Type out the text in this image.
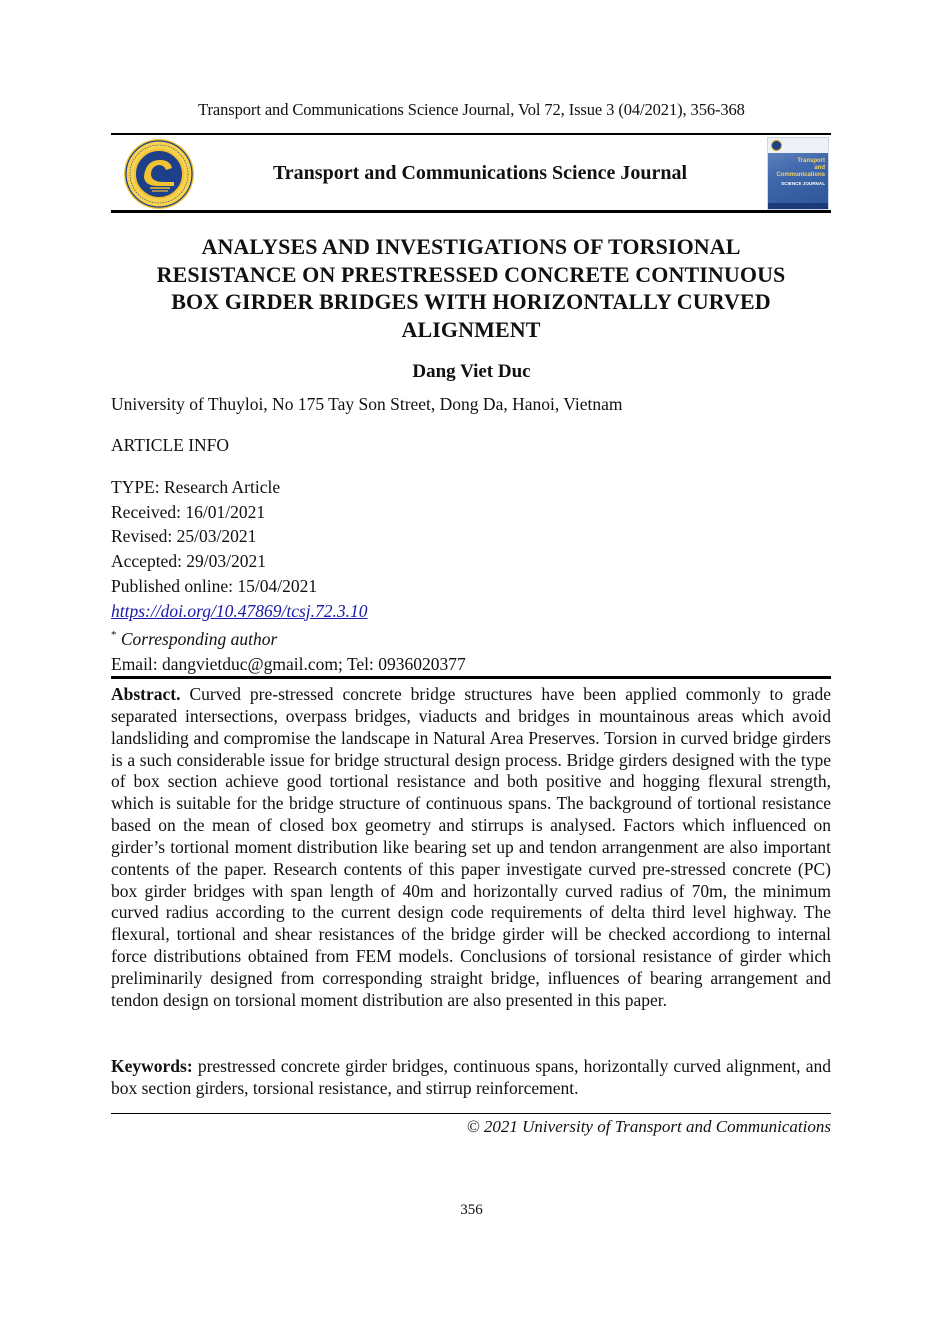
Transport and Communications Science Journal, Vol 72, Issue 3 (04/2021), 356-368
Transport and Communications Science Journal
Transport
and
Communications
SCIENCE JOURNAL
ANALYSES AND INVESTIGATIONS OF TORSIONAL
RESISTANCE ON PRESTRESSED CONCRETE CONTINUOUS
BOX GIRDER BRIDGES WITH HORIZONTALLY CURVED
ALIGNMENT
Dang Viet Duc
University of Thuyloi, No 175 Tay Son Street, Dong Da, Hanoi, Vietnam
ARTICLE INFO
TYPE: Research Article
Received: 16/01/2021
Revised: 25/03/2021
Accepted: 29/03/2021
Published online: 15/04/2021
https://doi.org/10.47869/tcsj.72.3.10
* Corresponding author
Email: dangvietduc@gmail.com; Tel: 0936020377
Abstract. Curved pre-stressed concrete bridge structures have been applied commonly to grade separated intersections, overpass bridges, viaducts and bridges in mountainous areas which avoid landsliding and compromise the landscape in Natural Area Preserves. Torsion in curved bridge girders is a such considerable issue for bridge structural design process. Bridge girders designed with the type of box section achieve good tortional resistance and both positive and hogging flexural strength, which is suitable for the bridge structure of continuous spans. The background of tortional resistance based on the mean of closed box geometry and stirrups is analysed. Factors which influenced on girder’s tortional moment distribution like bearing set up and tendon arrangenment are also important contents of the paper. Research contents of this paper investigate curved pre-stressed concrete (PC) box girder bridges with span length of 40m and horizontally curved radius of 70m, the minimum curved radius according to the current design code requirements of delta third level highway. The flexural, tortional and shear resistances of the bridge girder will be checked accordiong to internal force distributions obtained from FEM models. Conclusions of torsional resistance of girder which preliminarily designed from corresponding straight bridge, influences of bearing arrangement and tendon design on torsional moment distribution are also presented in this paper.
Keywords: prestressed concrete girder bridges, continuous spans, horizontally curved alignment, and box section girders, torsional resistance, and stirrup reinforcement.
© 2021 University of Transport and Communications
356
